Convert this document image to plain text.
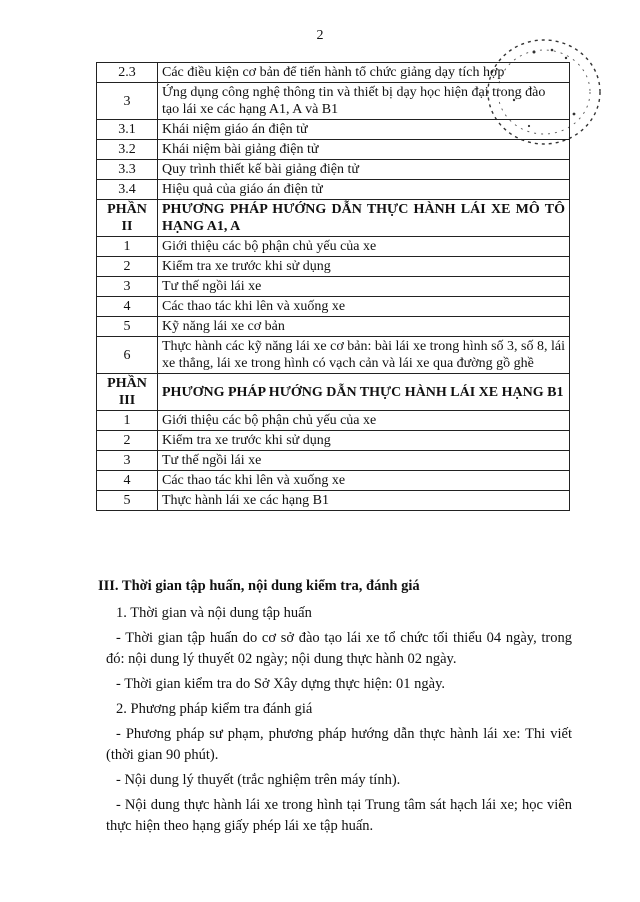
2
2.3	Các điều kiện cơ bản để tiến hành tổ chức giảng dạy tích hợp
3	Ứng dụng công nghệ thông tin và thiết bị dạy học hiện đại trong đào tạo lái xe các hạng A1, A và B1
3.1	Khái niệm giáo án điện tử
3.2	Khái niệm bài giảng điện tử
3.3	Quy trình thiết kế bài giảng điện tử
3.4	Hiệu quả của giáo án điện tử
PHẦN II	PHƯƠNG PHÁP HƯỚNG DẪN THỰC HÀNH LÁI XE MÔ TÔ HẠNG A1, A
1	Giới thiệu các bộ phận chủ yếu của xe
2	Kiểm tra xe trước khi sử dụng
3	Tư thế ngồi lái xe
4	Các thao tác khi lên và xuống xe
5	Kỹ năng lái xe cơ bản
6	Thực hành các kỹ năng lái xe cơ bản: bài lái xe trong hình số 3, số 8, lái xe thẳng, lái xe trong hình có vạch cản và lái xe qua đường gồ ghề
PHẦN III	PHƯƠNG PHÁP HƯỚNG DẪN THỰC HÀNH LÁI XE HẠNG B1
1	Giới thiệu các bộ phận chủ yếu của xe
2	Kiểm tra xe trước khi sử dụng
3	Tư thế ngồi lái xe
4	Các thao tác khi lên và xuống xe
5	Thực hành lái xe các hạng B1

III. Thời gian tập huấn, nội dung kiểm tra, đánh giá

1. Thời gian và nội dung tập huấn

- Thời gian tập huấn do cơ sở đào tạo lái xe tổ chức tối thiểu 04 ngày, trong đó: nội dung lý thuyết 02 ngày; nội dung thực hành 02 ngày.

- Thời gian kiểm tra do Sở Xây dựng thực hiện: 01 ngày.

2. Phương pháp kiểm tra đánh giá

- Phương pháp sư phạm, phương pháp hướng dẫn thực hành lái xe: Thi viết (thời gian 90 phút).

- Nội dung lý thuyết (trắc nghiệm trên máy tính).

- Nội dung thực hành lái xe trong hình tại Trung tâm sát hạch lái xe; học viên thực hiện theo hạng giấy phép lái xe tập huấn.
